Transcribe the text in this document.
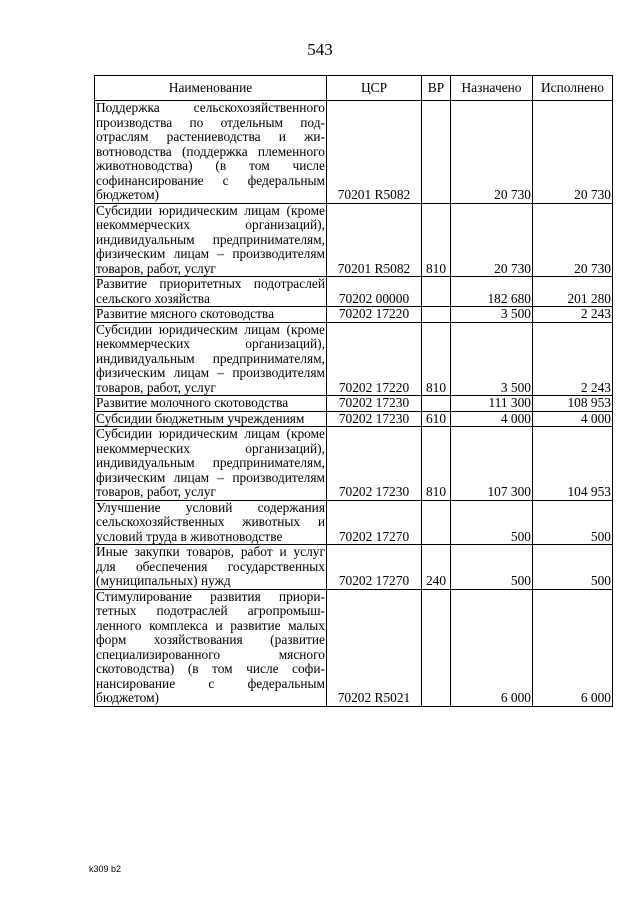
543
Наименование	ЦСР	ВР	Назначено	Исполнено
Поддержка сельскохозяйственного производства по отдельным подотраслям растениеводства и животноводства (поддержка племенного животноводства) (в том числе софинансирование с федеральным бюджетом)	70201 R5082		20 730	20 730
Субсидии юридическим лицам (кроме некоммерческих организаций), индивидуальным предпринимателям, физическим лицам – производителям товаров, работ, услуг	70201 R5082	810	20 730	20 730
Развитие приоритетных подотраслей сельского хозяйства	70202 00000		182 680	201 280
Развитие мясного скотоводства	70202 17220		3 500	2 243
Субсидии юридическим лицам (кроме некоммерческих организаций), индивидуальным предпринимателям, физическим лицам – производителям товаров, работ, услуг	70202 17220	810	3 500	2 243
Развитие молочного скотоводства	70202 17230		111 300	108 953
Субсидии бюджетным учреждениям	70202 17230	610	4 000	4 000
Субсидии юридическим лицам (кроме некоммерческих организаций), индивидуальным предпринимателям, физическим лицам – производителям товаров, работ, услуг	70202 17230	810	107 300	104 953
Улучшение условий содержания сельскохозяйственных животных и условий труда в животноводстве	70202 17270		500	500
Иные закупки товаров, работ и услуг для обеспечения государственных (муниципальных) нужд	70202 17270	240	500	500
Стимулирование развития приоритетных подотраслей агропромышленного комплекса и развитие малых форм хозяйствования (развитие специализированного мясного скотоводства) (в том числе софинансирование с федеральным бюджетом)	70202 R5021		6 000	6 000
k309 b2
